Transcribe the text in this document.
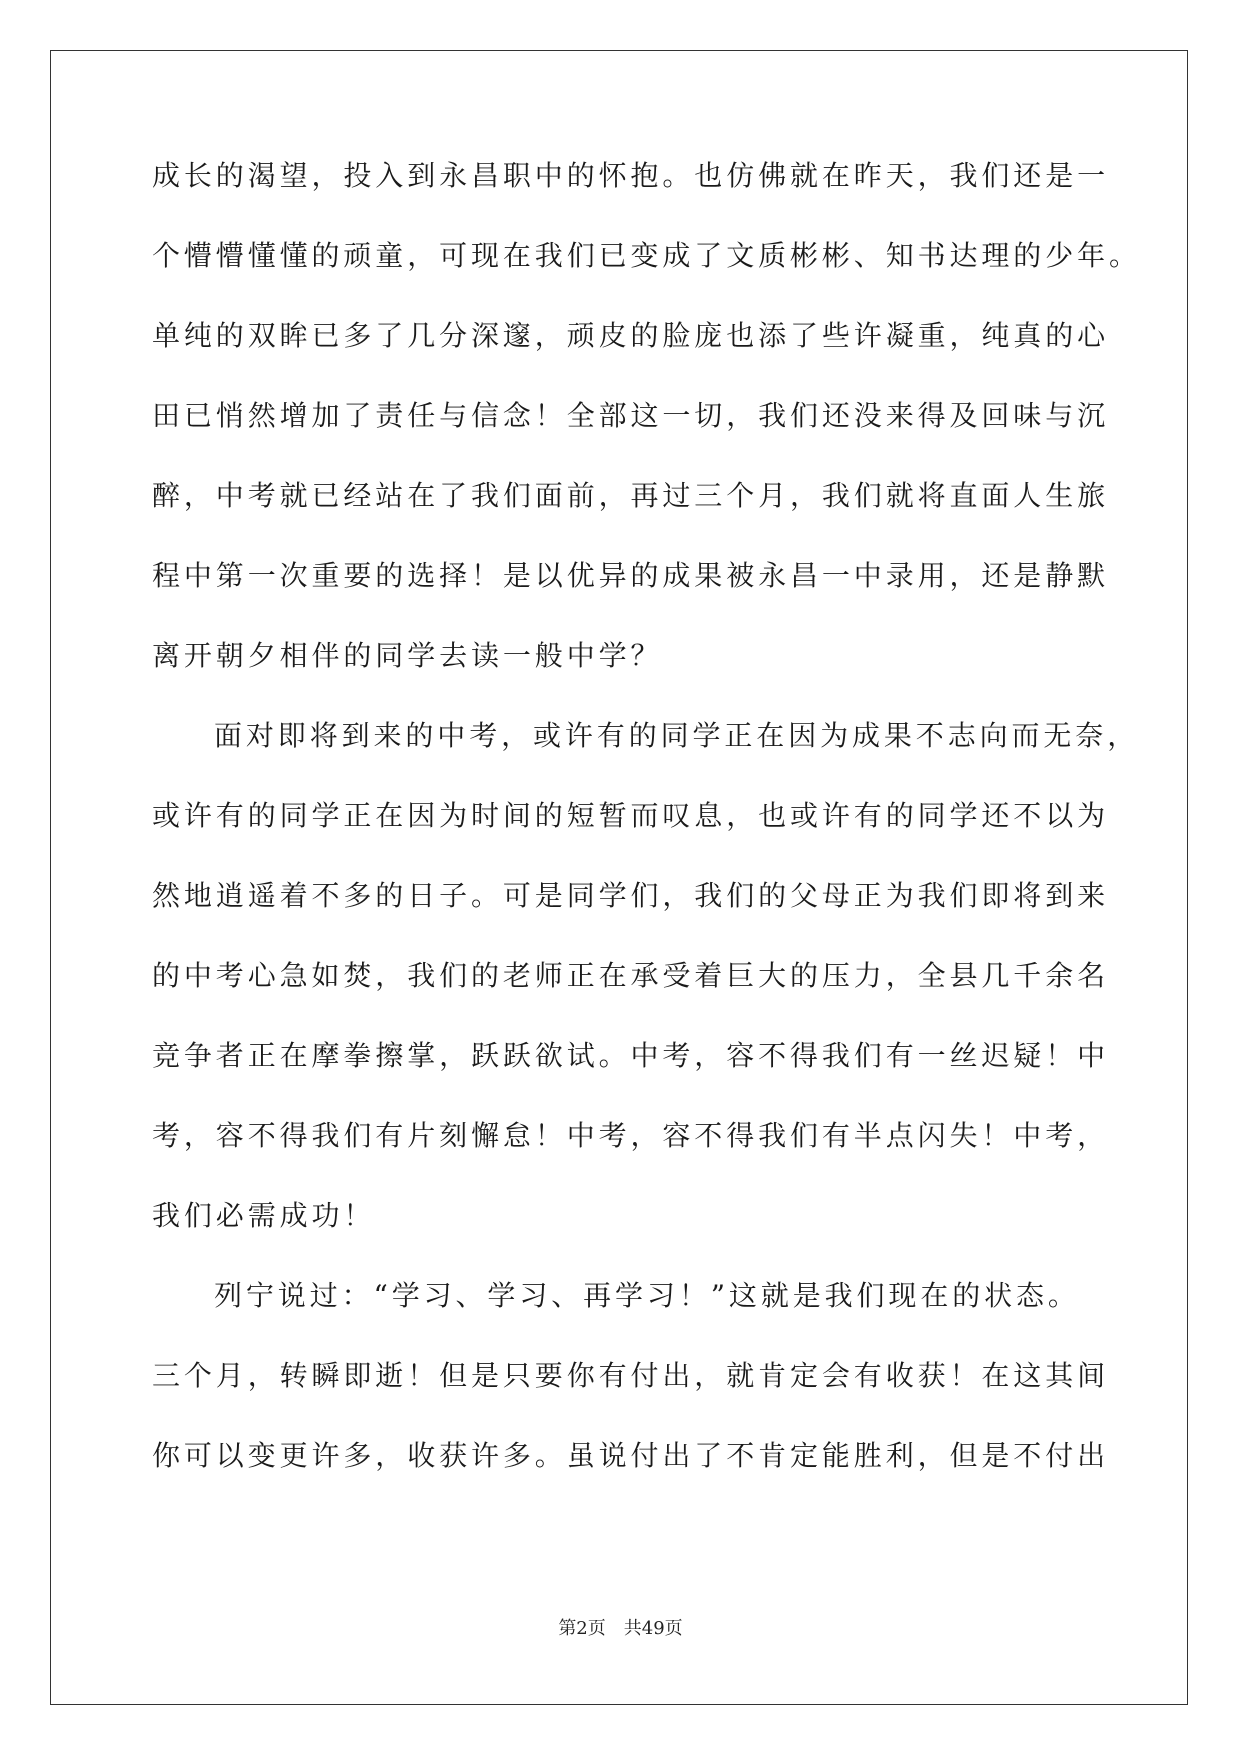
成长的渴望，投入到永昌职中的怀抱。也仿佛就在昨天，我们还是一
个懵懵懂懂的顽童，可现在我们已变成了文质彬彬、知书达理的少年。
单纯的双眸已多了几分深邃，顽皮的脸庞也添了些许凝重，纯真的心
田已悄然增加了责任与信念！全部这一切，我们还没来得及回味与沉
醉，中考就已经站在了我们面前，再过三个月，我们就将直面人生旅
程中第一次重要的选择！是以优异的成果被永昌一中录用，还是静默
离开朝夕相伴的同学去读一般中学？
面对即将到来的中考，或许有的同学正在因为成果不志向而无奈，
或许有的同学正在因为时间的短暂而叹息，也或许有的同学还不以为
然地逍遥着不多的日子。可是同学们，我们的父母正为我们即将到来
的中考心急如焚，我们的老师正在承受着巨大的压力，全县几千余名
竞争者正在摩拳擦掌，跃跃欲试。中考，容不得我们有一丝迟疑！中
考，容不得我们有片刻懈怠！中考，容不得我们有半点闪失！中考，
我们必需成功！
列宁说过：“学习、学习、再学习！”这就是我们现在的状态。
三个月，转瞬即逝！但是只要你有付出，就肯定会有收获！在这其间
你可以变更许多，收获许多。虽说付出了不肯定能胜利，但是不付出
第2页 共49页
